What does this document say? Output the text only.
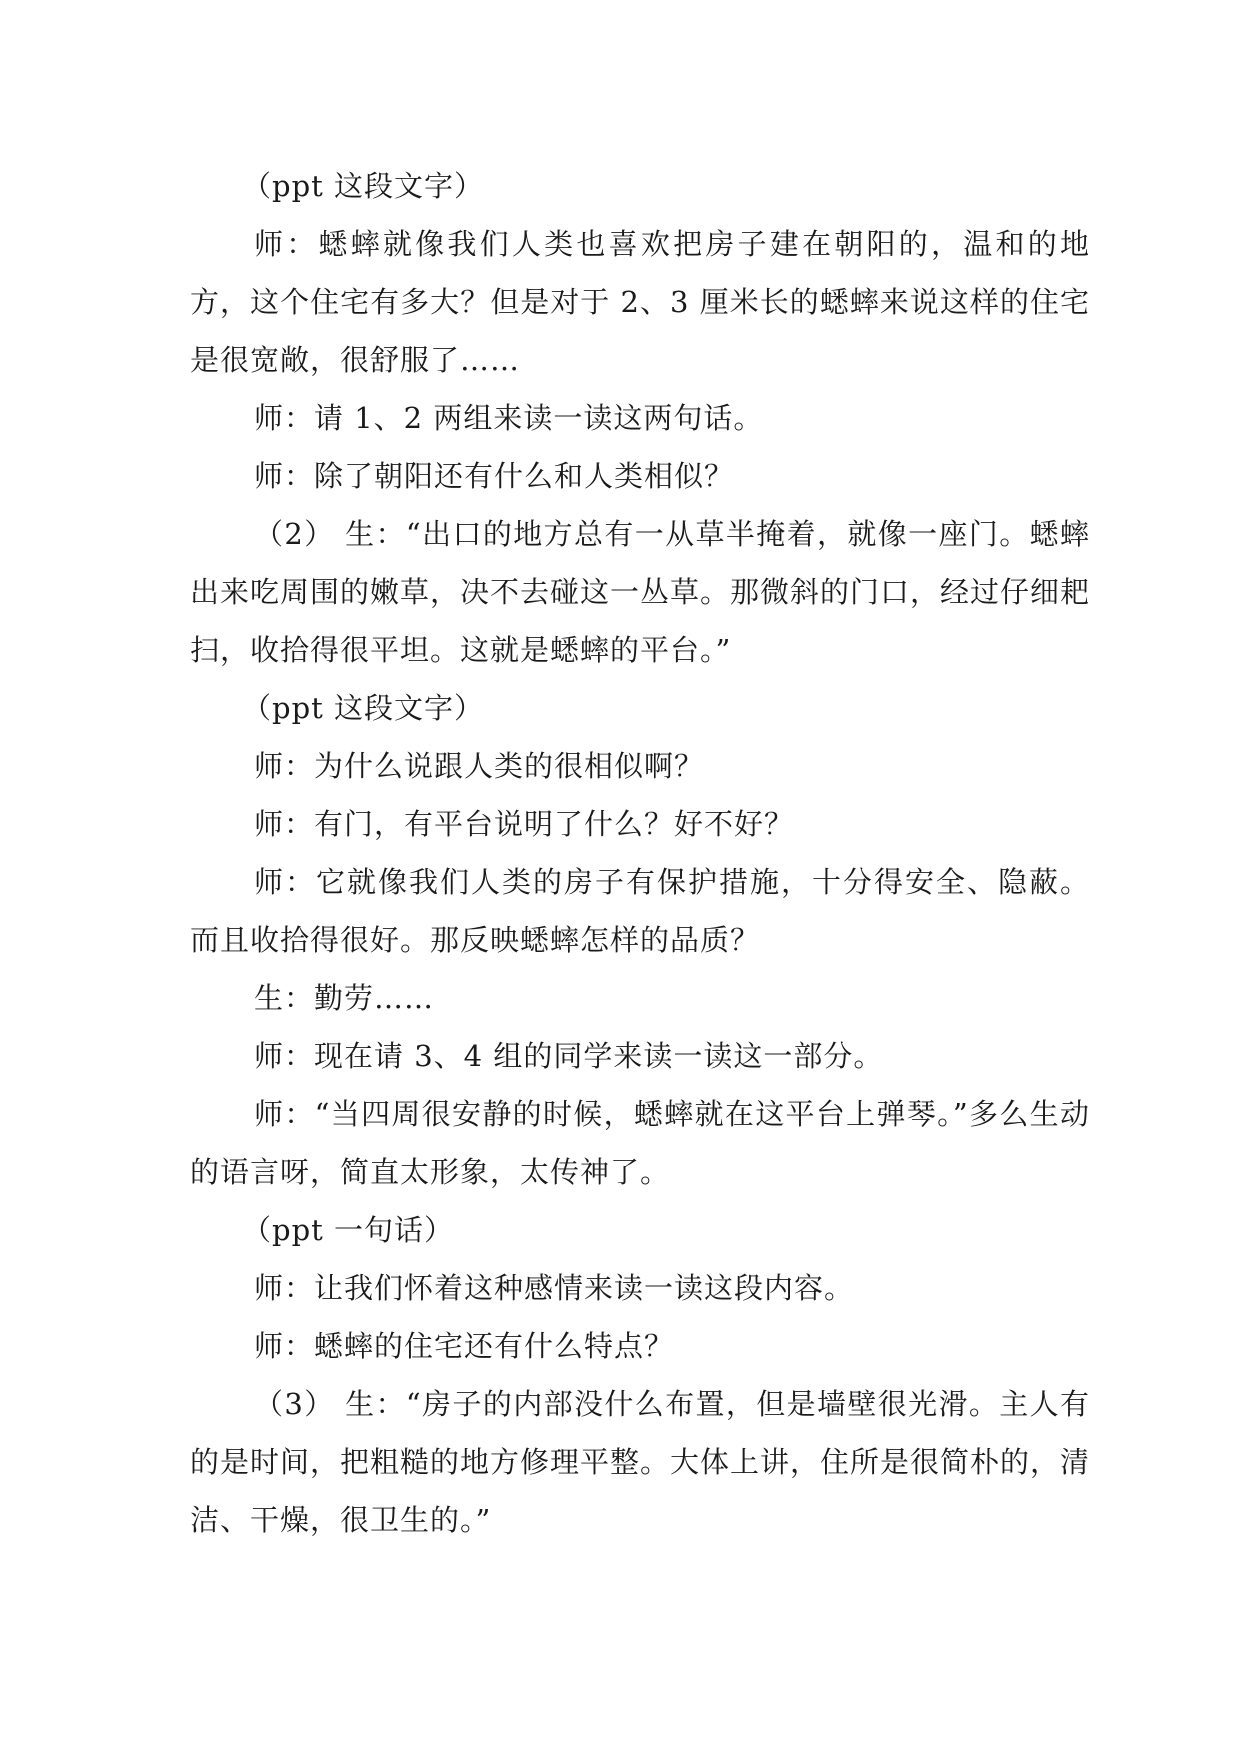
（ppt 这段文字）

师：蟋蟀就像我们人类也喜欢把房子建在朝阳的，温和的地方，这个住宅有多大？但是对于 2、3 厘米长的蟋蟀来说这样的住宅是很宽敞，很舒服了……

师：请 1、2 两组来读一读这两句话。

师：除了朝阳还有什么和人类相似？

（2） 生：“出口的地方总有一从草半掩着，就像一座门。蟋蟀出来吃周围的嫩草，决不去碰这一丛草。那微斜的门口，经过仔细耙扫，收拾得很平坦。这就是蟋蟀的平台。”

（ppt 这段文字）

师：为什么说跟人类的很相似啊？

师：有门，有平台说明了什么？好不好？

师：它就像我们人类的房子有保护措施，十分得安全、隐蔽。而且收拾得很好。那反映蟋蟀怎样的品质？

生：勤劳……

师：现在请 3、4 组的同学来读一读这一部分。

师：“当四周很安静的时候，蟋蟀就在这平台上弹琴。”多么生动的语言呀，简直太形象，太传神了。

（ppt 一句话）

师：让我们怀着这种感情来读一读这段内容。

师：蟋蟀的住宅还有什么特点？

（3） 生：“房子的内部没什么布置，但是墙壁很光滑。主人有的是时间，把粗糙的地方修理平整。大体上讲，住所是很简朴的，清洁、干燥，很卫生的。”
